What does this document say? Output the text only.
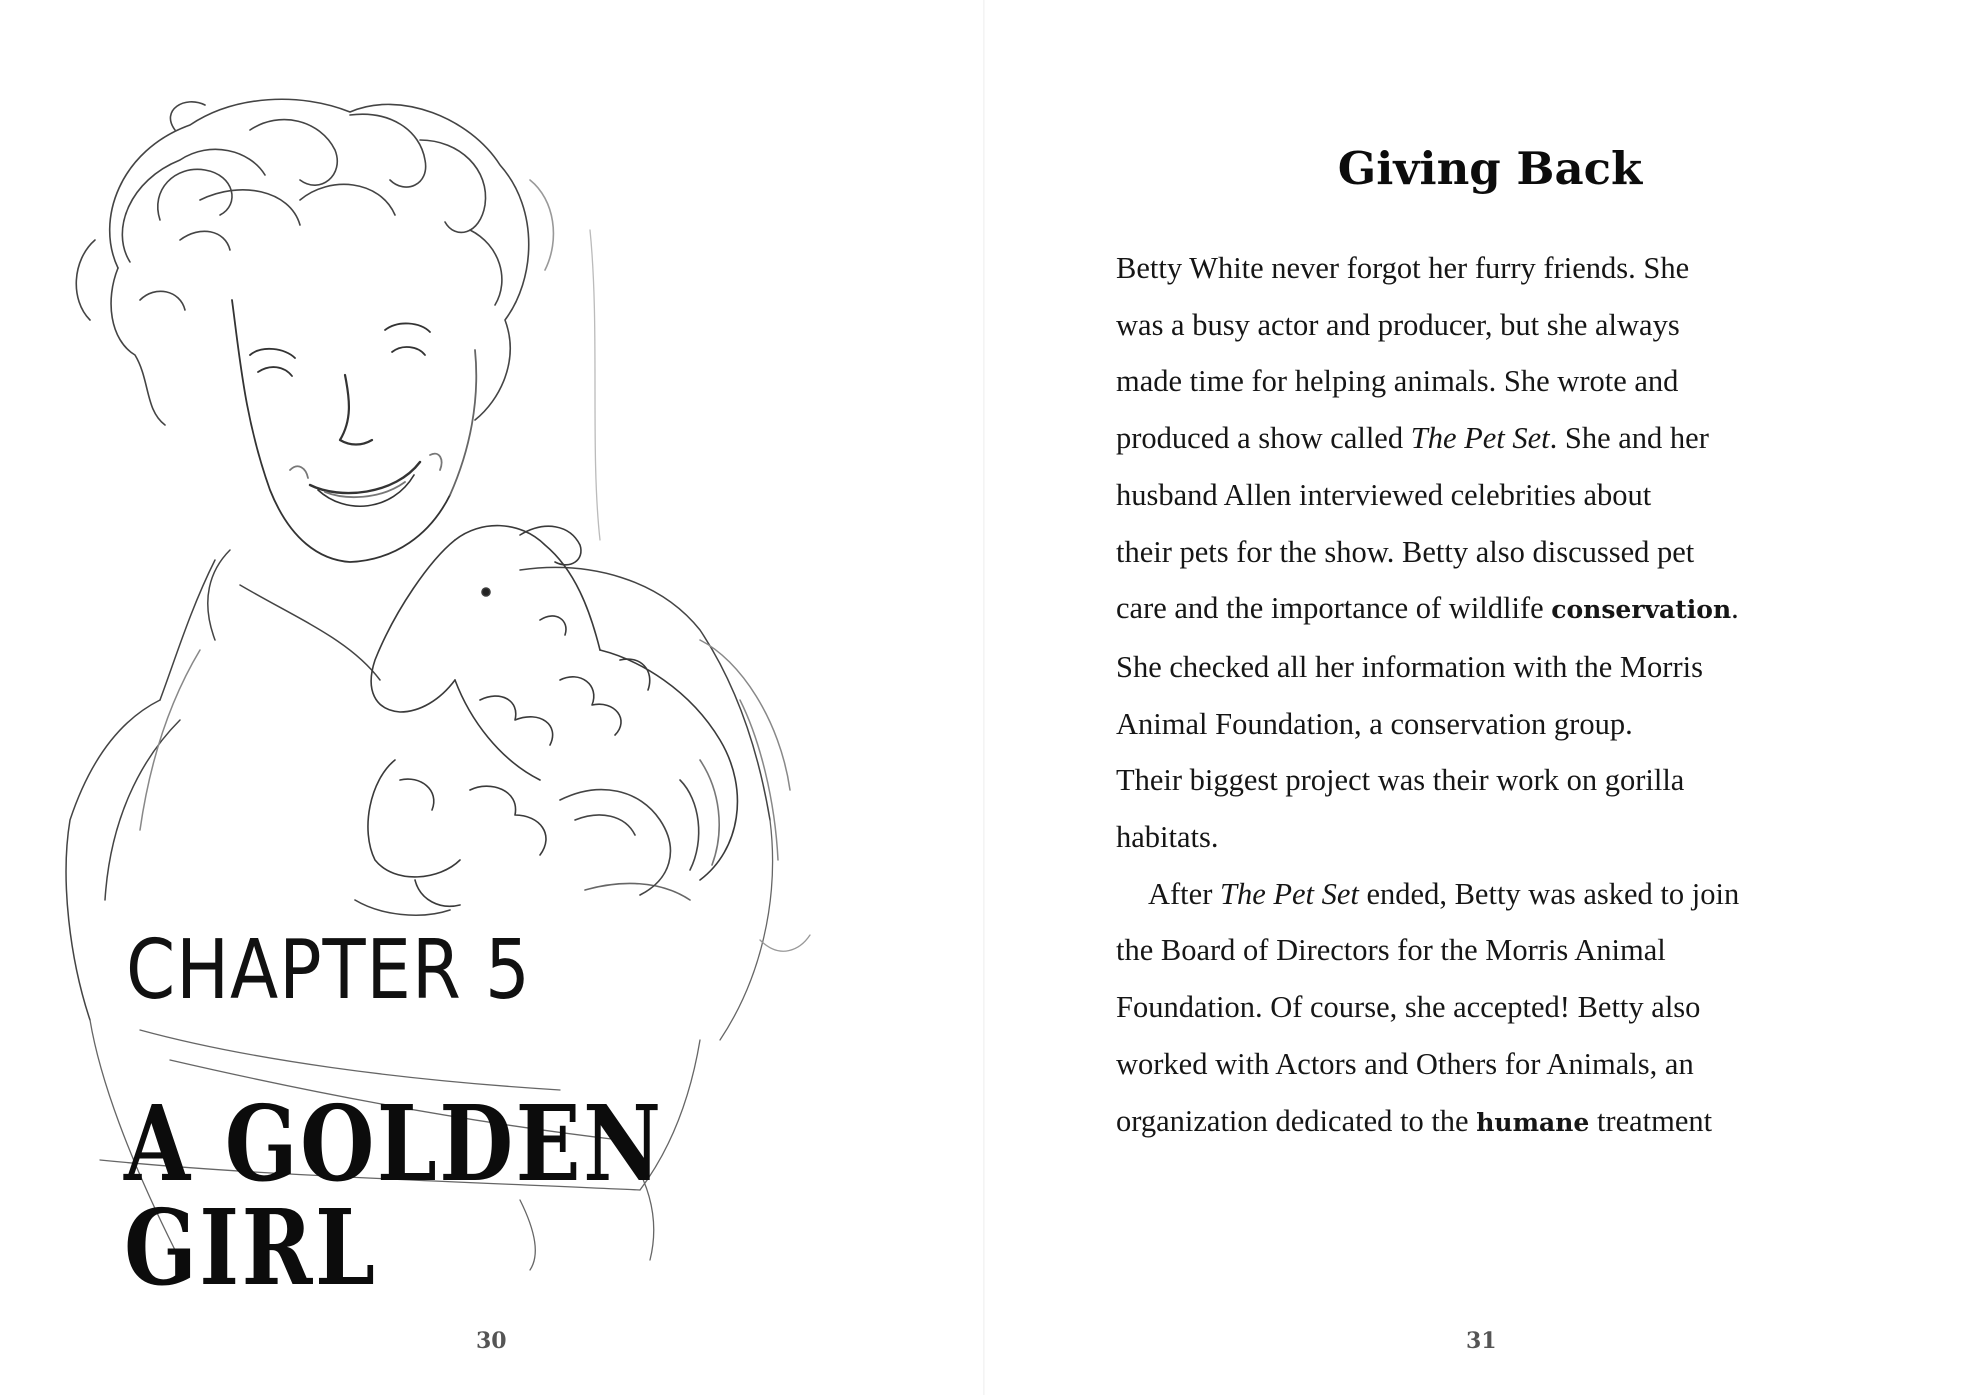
CHAPTER 5
A GOLDEN GIRL
30	31
Giving Back
Betty White never forgot her furry friends. She
was a busy actor and producer, but she always
made time for helping animals. She wrote and
produced a show called The Pet Set. She and her
husband Allen interviewed celebrities about
their pets for the show. Betty also discussed pet
care and the importance of wildlife conservation.
She checked all her information with the Morris
Animal Foundation, a conservation group.
Their biggest project was their work on gorilla
habitats.
After The Pet Set ended, Betty was asked to join
the Board of Directors for the Morris Animal
Foundation. Of course, she accepted! Betty also
worked with Actors and Others for Animals, an
organization dedicated to the humane treatment
